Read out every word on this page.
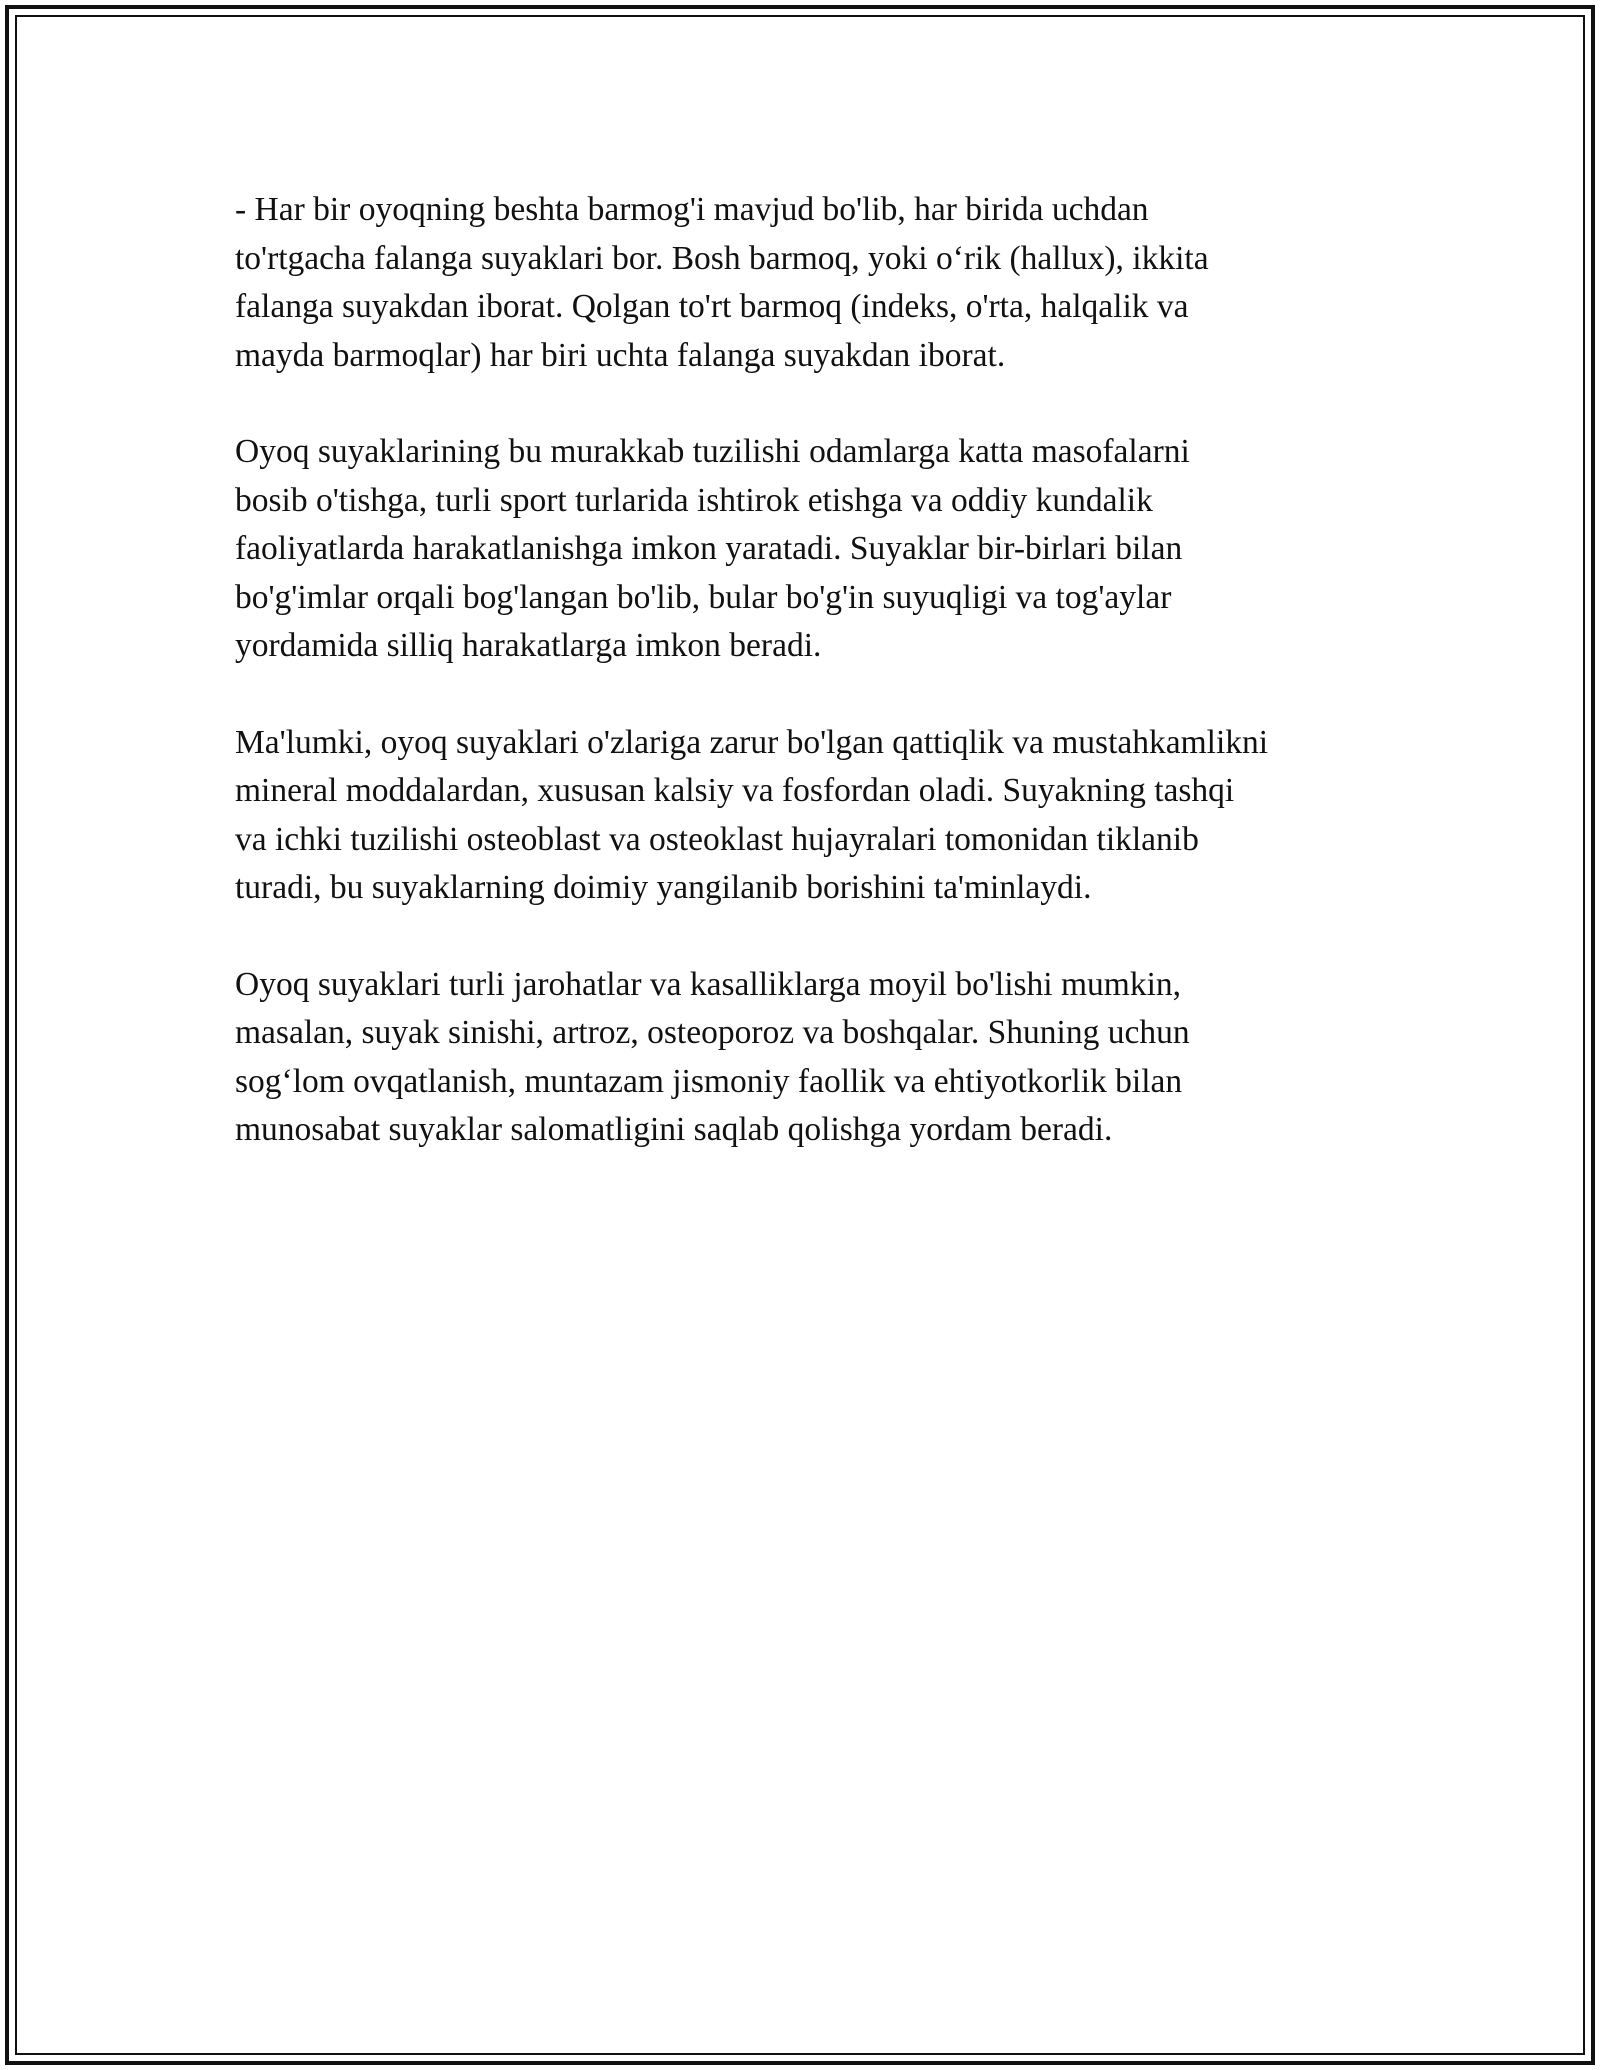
- Har bir oyoqning beshta barmog'i mavjud bo'lib, har birida uchdan
to'rtgacha falanga suyaklari bor. Bosh barmoq, yoki o‘rik (hallux), ikkita
falanga suyakdan iborat. Qolgan to'rt barmoq (indeks, o'rta, halqalik va
mayda barmoqlar) har biri uchta falanga suyakdan iborat.

Oyoq suyaklarining bu murakkab tuzilishi odamlarga katta masofalarni
bosib o'tishga, turli sport turlarida ishtirok etishga va oddiy kundalik
faoliyatlarda harakatlanishga imkon yaratadi. Suyaklar bir-birlari bilan
bo'g'imlar orqali bog'langan bo'lib, bular bo'g'in suyuqligi va tog'aylar
yordamida silliq harakatlarga imkon beradi.

Ma'lumki, oyoq suyaklari o'zlariga zarur bo'lgan qattiqlik va mustahkamlikni
mineral moddalardan, xususan kalsiy va fosfordan oladi. Suyakning tashqi
va ichki tuzilishi osteoblast va osteoklast hujayralari tomonidan tiklanib
turadi, bu suyaklarning doimiy yangilanib borishini ta'minlaydi.

Oyoq suyaklari turli jarohatlar va kasalliklarga moyil bo'lishi mumkin,
masalan, suyak sinishi, artroz, osteoporoz va boshqalar. Shuning uchun
sog‘lom ovqatlanish, muntazam jismoniy faollik va ehtiyotkorlik bilan
munosabat suyaklar salomatligini saqlab qolishga yordam beradi.
